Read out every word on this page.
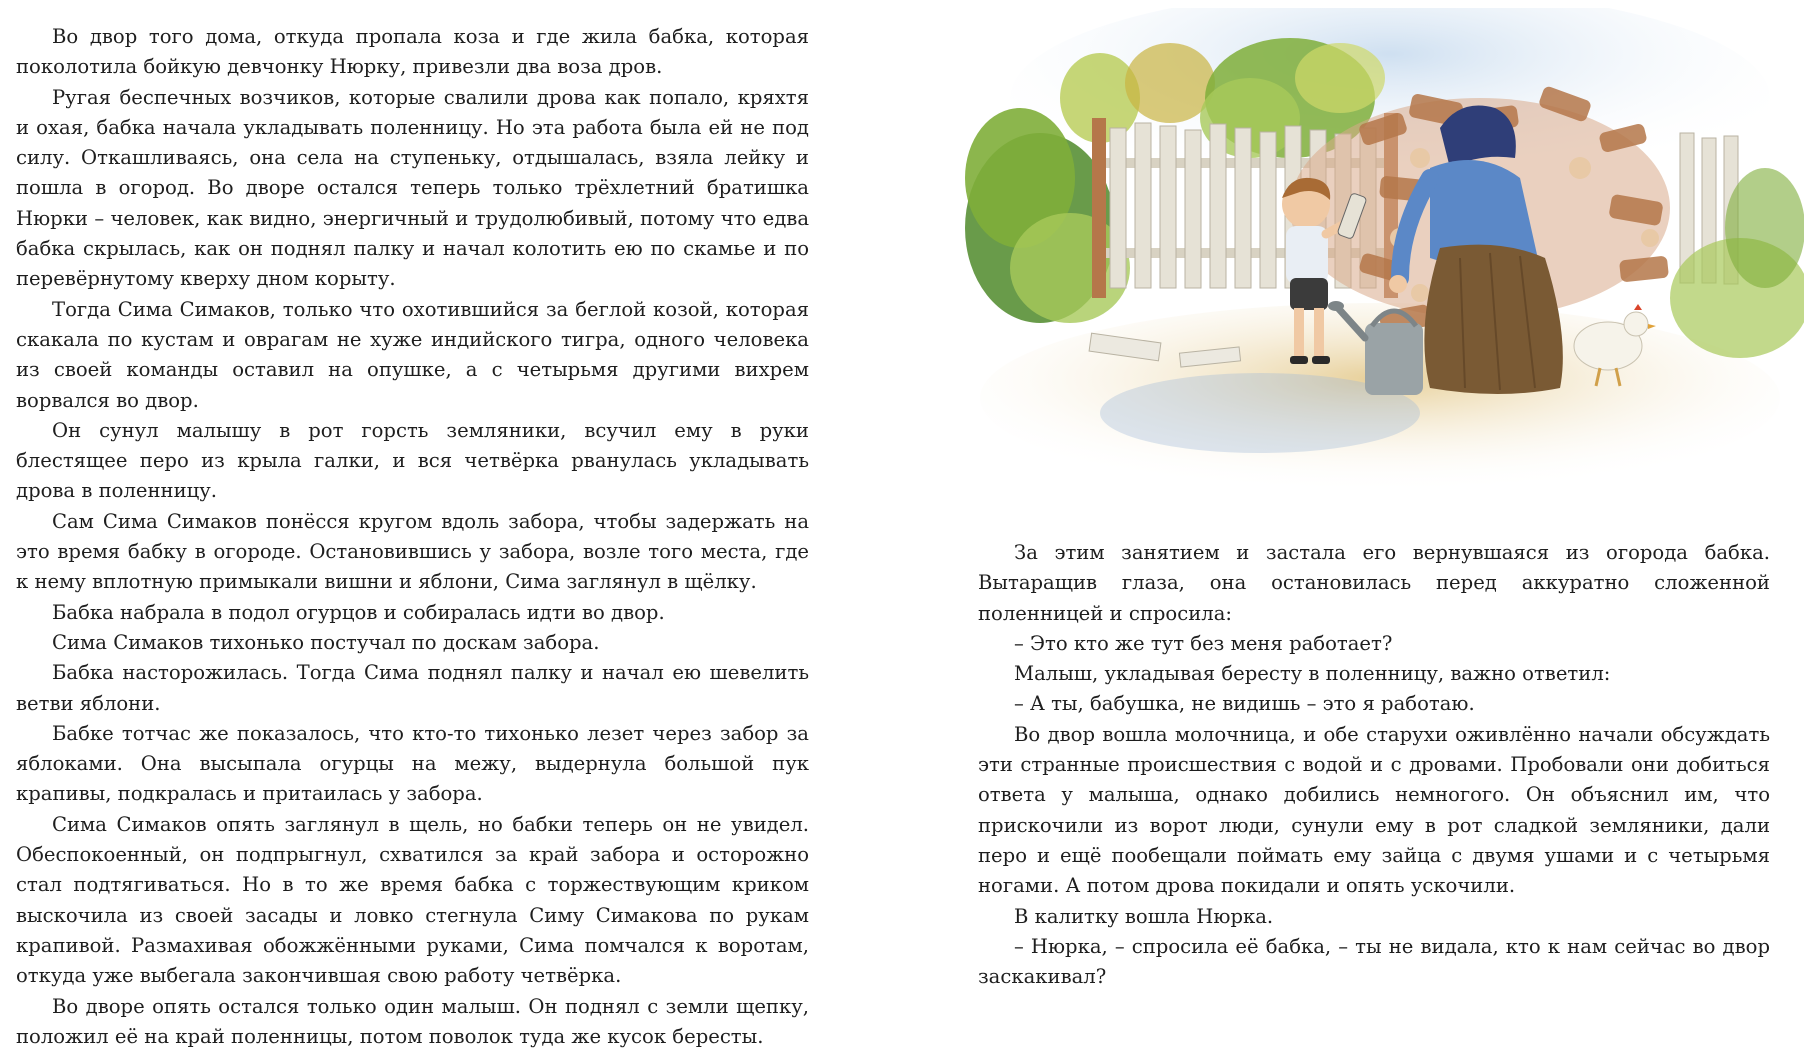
Во двор того дома, откуда пропала коза и где жила бабка, которая поколотила бойкую девчонку Нюрку, привезли два воза дров.

Ругая беспечных возчиков, которые свалили дрова как попало, кряхтя и охая, бабка начала укладывать поленницу. Но эта работа была ей не под силу. Откашливаясь, она села на ступеньку, отдышалась, взяла лейку и пошла в огород. Во дворе остался теперь только трёхлетний братишка Нюрки – человек, как видно, энергичный и трудолюбивый, потому что едва бабка скрылась, как он поднял палку и начал колотить ею по скамье и по перевёрнутому кверху дном корыту.

Тогда Сима Симаков, только что охотившийся за беглой козой, которая скакала по кустам и оврагам не хуже индийского тигра, одного человека из своей команды оставил на опушке, а с четырьмя другими вихрем ворвался во двор.

Он сунул малышу в рот горсть земляники, всучил ему в руки блестящее перо из крыла галки, и вся четвёрка рванулась укладывать дрова в поленницу.

Сам Сима Симаков понёсся кругом вдоль забора, чтобы задержать на это время бабку в огороде. Остановившись у забора, возле того места, где к нему вплотную примыкали вишни и яблони, Сима заглянул в щёлку.

Бабка набрала в подол огурцов и собиралась идти во двор.

Сима Симаков тихонько постучал по доскам забора.

Бабка насторожилась. Тогда Сима поднял палку и начал ею шевелить ветви яблони.

Бабке тотчас же показалось, что кто-то тихонько лезет через забор за яблоками. Она высыпала огурцы на межу, выдернула большой пук крапивы, подкралась и притаилась у забора.

Сима Симаков опять заглянул в щель, но бабки теперь он не увидел. Обеспокоенный, он подпрыгнул, схватился за край забора и осторожно стал подтягиваться. Но в то же время бабка с торжествующим криком выскочила из своей засады и ловко стегнула Симу Симакова по рукам крапивой. Размахивая обожжёнными руками, Сима помчался к воротам, откуда уже выбегала закончившая свою работу четвёрка.

Во дворе опять остался только один малыш. Он поднял с земли щепку, положил её на край поленницы, потом поволок туда же кусок бересты.

За этим занятием и застала его вернувшаяся из огорода бабка. Вытаращив глаза, она остановилась перед аккуратно сложенной поленницей и спросила:

– Это кто же тут без меня работает?

Малыш, укладывая бересту в поленницу, важно ответил:

– А ты, бабушка, не видишь – это я работаю.

Во двор вошла молочница, и обе старухи оживлённо начали обсуждать эти странные происшествия с водой и с дровами. Пробовали они добиться ответа у малыша, однако добились немногого. Он объяснил им, что прискочили из ворот люди, сунули ему в рот сладкой земляники, дали перо и ещё пообещали поймать ему зайца с двумя ушами и с четырьмя ногами. А потом дрова покидали и опять ускочили.

В калитку вошла Нюрка.

– Нюрка, – спросила её бабка, – ты не видала, кто к нам сейчас во двор заскакивал?
